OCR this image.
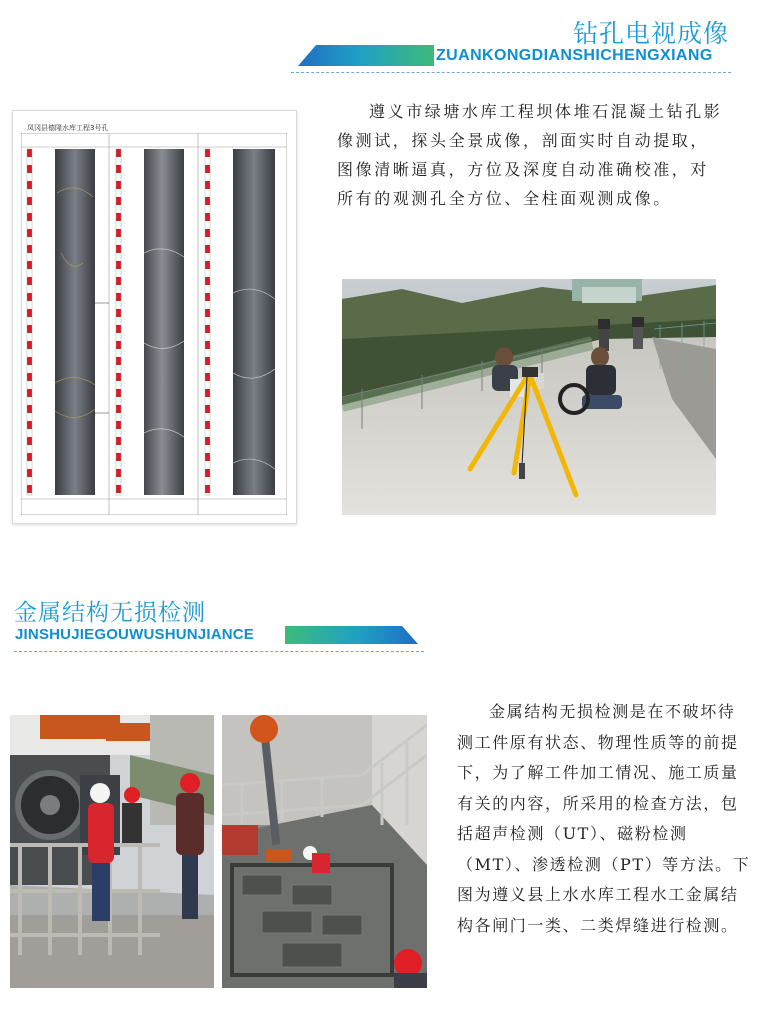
钻孔电视成像
ZUANKONGDIANSHICHENGXIANG
凤冈县德隆水库工程3号孔
遵义市绿塘水库工程坝体堆石混凝土钻孔影像测试，探头全景成像，剖面实时自动提取，图像清晰逼真，方位及深度自动准确校准，对所有的观测孔全方位、全柱面观测成像。
金属结构无损检测
JINSHUJIEGOUWUSHUNJIANCE
金属结构无损检测是在不破坏待测工件原有状态、物理性质等的前提下，为了解工件加工情况、施工质量有关的内容，所采用的检查方法，包括超声检测（UT）、磁粉检测（MT）、渗透检测（PT）等方法。下图为遵义县上水水库工程水工金属结构各闸门一类、二类焊缝进行检测。
